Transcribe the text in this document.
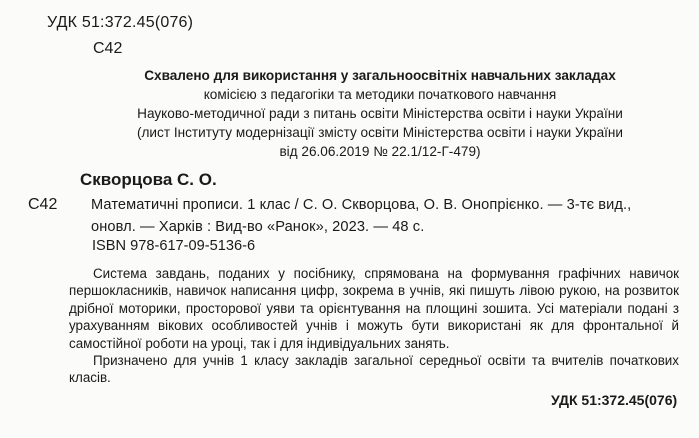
УДК 51:372.45(076)
С42
Схвалено для використання у загальноосвітніх навчальних закладах
комісією з педагогіки та методики початкового навчання
Науково-методичної ради з питань освіти Міністерства освіти і науки України
(лист Інституту модернізації змісту освіти Міністерства освіти і науки України
від 26.06.2019 № 22.1/12-Г-479)
Скворцова С. О.
С42 Математичні прописи. 1 клас / С. О. Скворцова, О. В. Онопрієнко. — 3-тє вид.,
оновл. — Харків : Вид-во «Ранок», 2023. — 48 с.
ISBN 978-617-09-5136-6

Система завдань, поданих у посібнику, спрямована на формування графічних навичок першокласників, навичок написання цифр, зокрема в учнів, які пишуть лівою рукою, на розвиток дрібної моторики, просторової уяви та орієнтування на площині зошита. Усі матеріали подані з урахуванням вікових особливостей учнів і можуть бути використані як для фронтальної й самостійної роботи на уроці, так і для індивідуальних занять.

Призначено для учнів 1 класу закладів загальної середньої освіти та вчителів початкових класів.

УДК 51:372.45(076)
